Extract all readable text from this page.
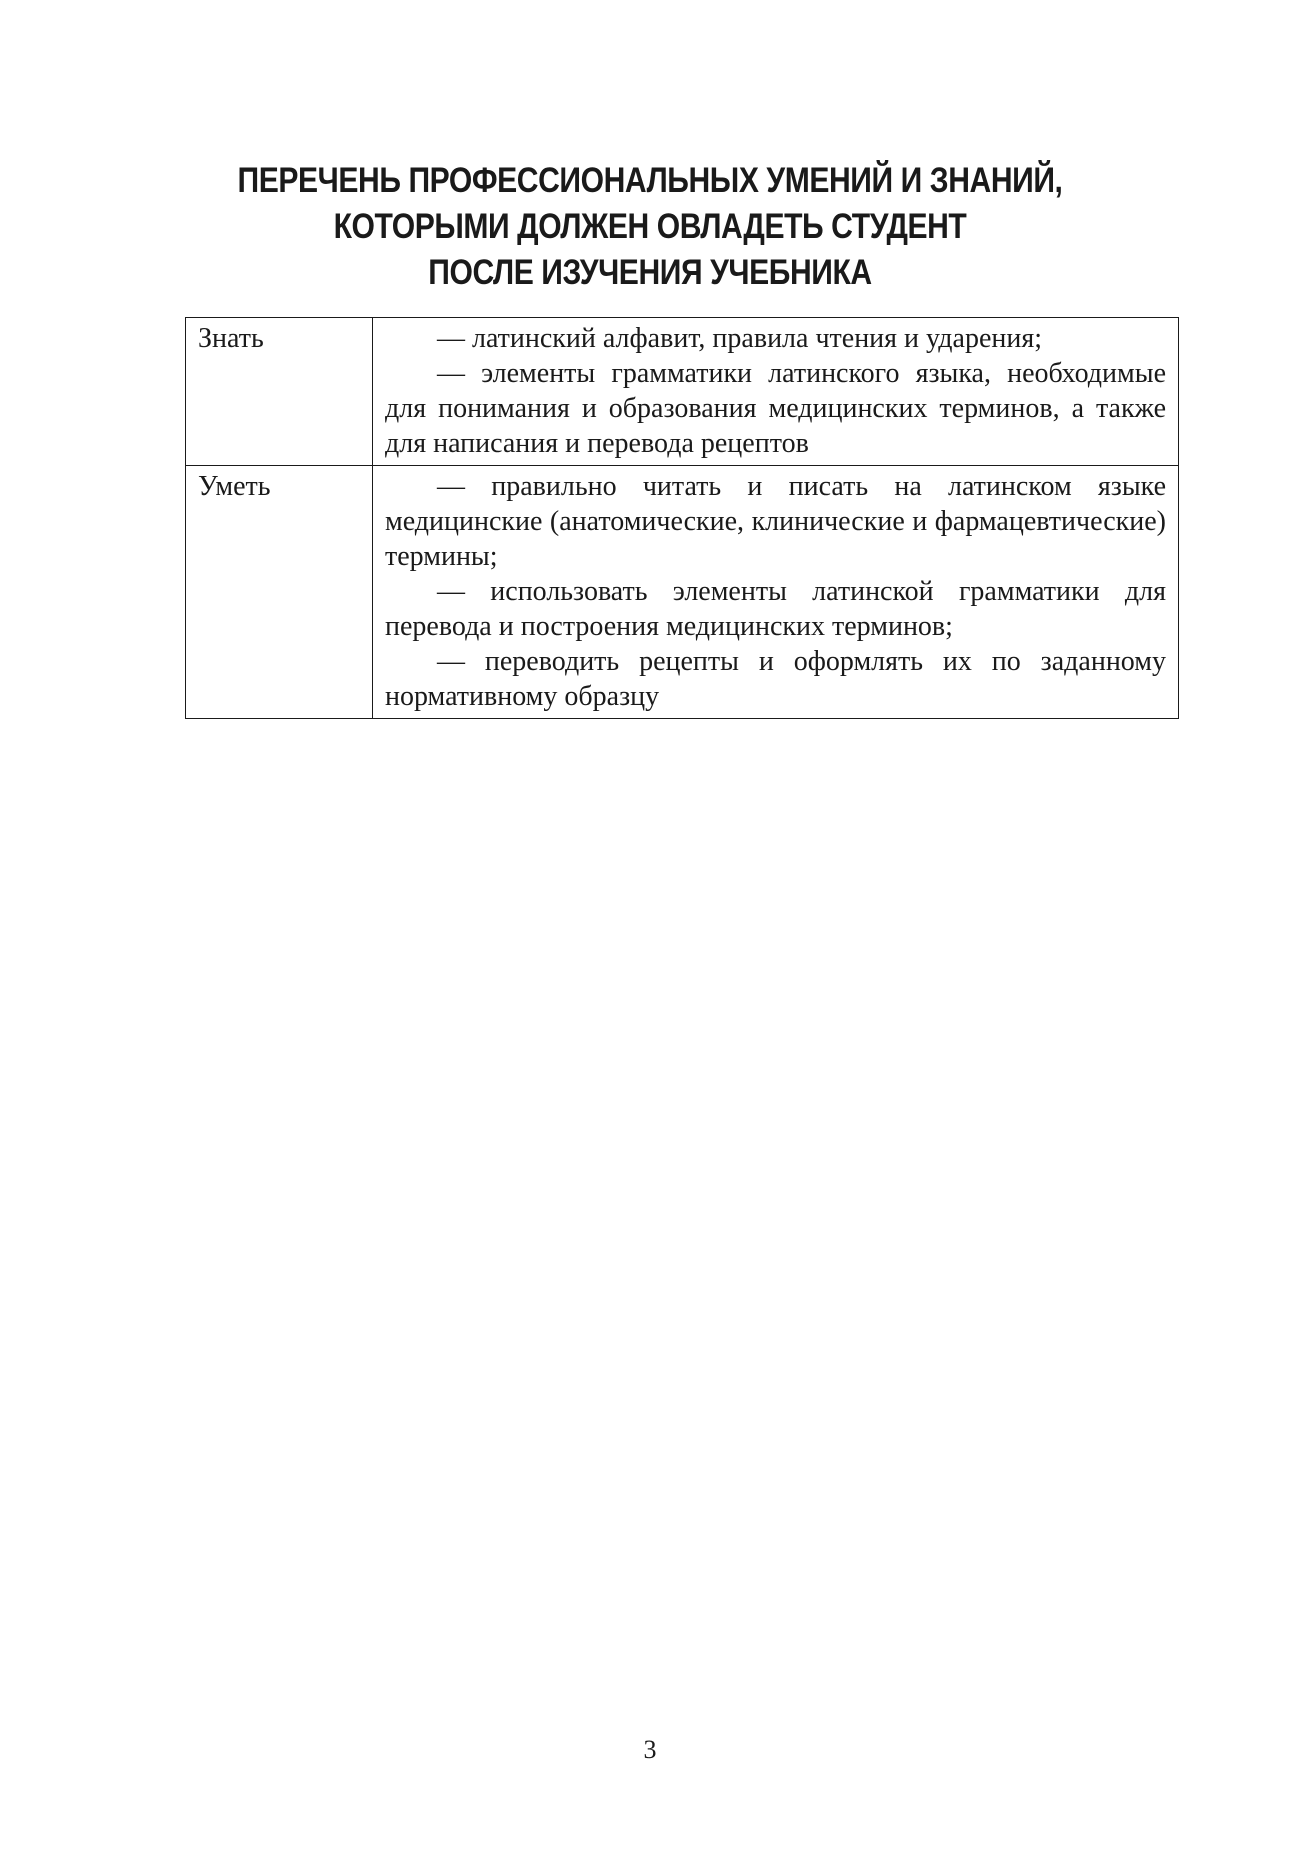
ПЕРЕЧЕНЬ ПРОФЕССИОНАЛЬНЫХ УМЕНИЙ И ЗНАНИЙ,
КОТОРЫМИ ДОЛЖЕН ОВЛАДЕТЬ СТУДЕНТ
ПОСЛЕ ИЗУЧЕНИЯ УЧЕБНИКА
Знать	— латинский алфавит, правила чтения и ударения;
— элементы грамматики латинского языка, необходимые для понимания и образования медицинских терминов, а также для написания и перевода рецептов

Уметь	— правильно читать и писать на латинском языке медицинские (анатомические, клинические и фармацевтические) термины;
— использовать элементы латинской грамматики для перевода и построения медицинских терминов;
— переводить рецепты и оформлять их по заданному нормативному образцу
3
